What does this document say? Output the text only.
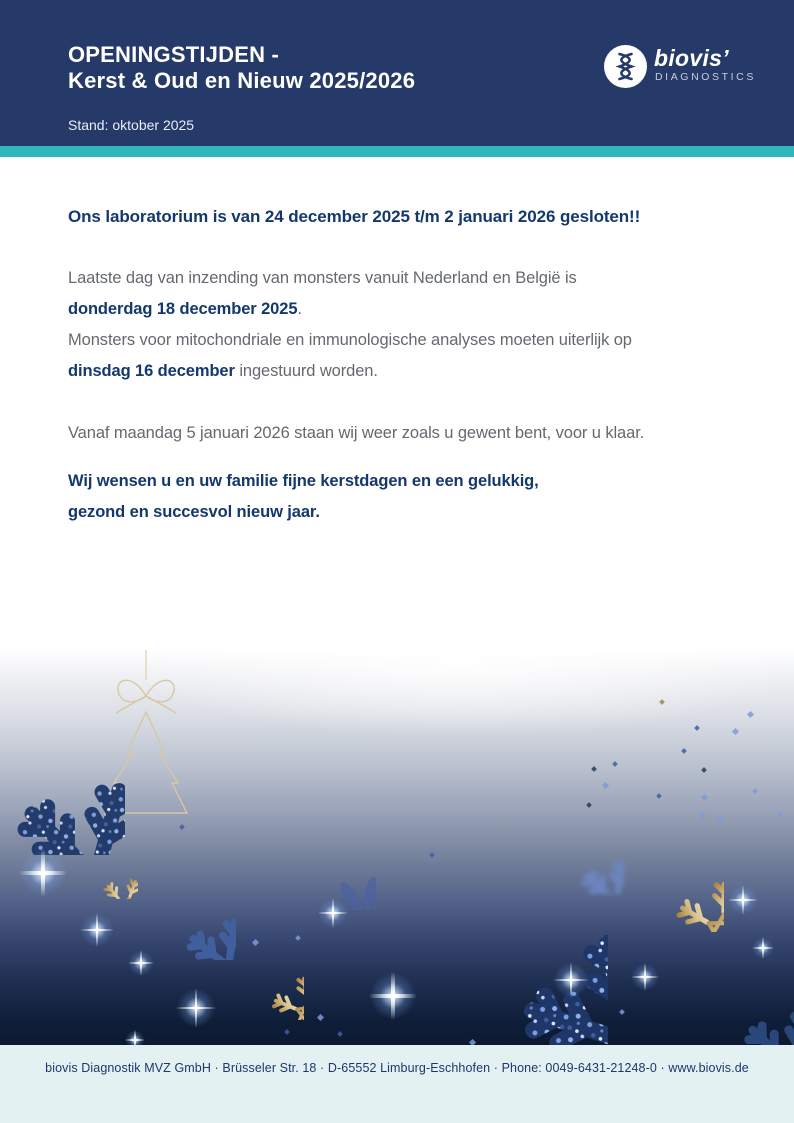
OPENINGSTIJDEN -
Kerst & Oud en Nieuw 2025/2026
Stand: oktober 2025
biovis’
DIAGNOSTICS

Ons laboratorium is van 24 december 2025 t/m 2 januari 2026 gesloten!!

Laatste dag van inzending van monsters vanuit Nederland en België is
donderdag 18 december 2025.
Monsters voor mitochondriale en immunologische analyses moeten uiterlijk op
dinsdag 16 december ingestuurd worden.

Vanaf maandag 5 januari 2026 staan wij weer zoals u gewent bent, voor u klaar.

Wij wensen u en uw familie fijne kerstdagen en een gelukkig,
gezond en succesvol nieuw jaar.

biovis Diagnostik MVZ GmbH · Brüsseler Str. 18 · D-65552 Limburg-Eschhofen · Phone: 0049-6431-21248-0 · www.biovis.de
